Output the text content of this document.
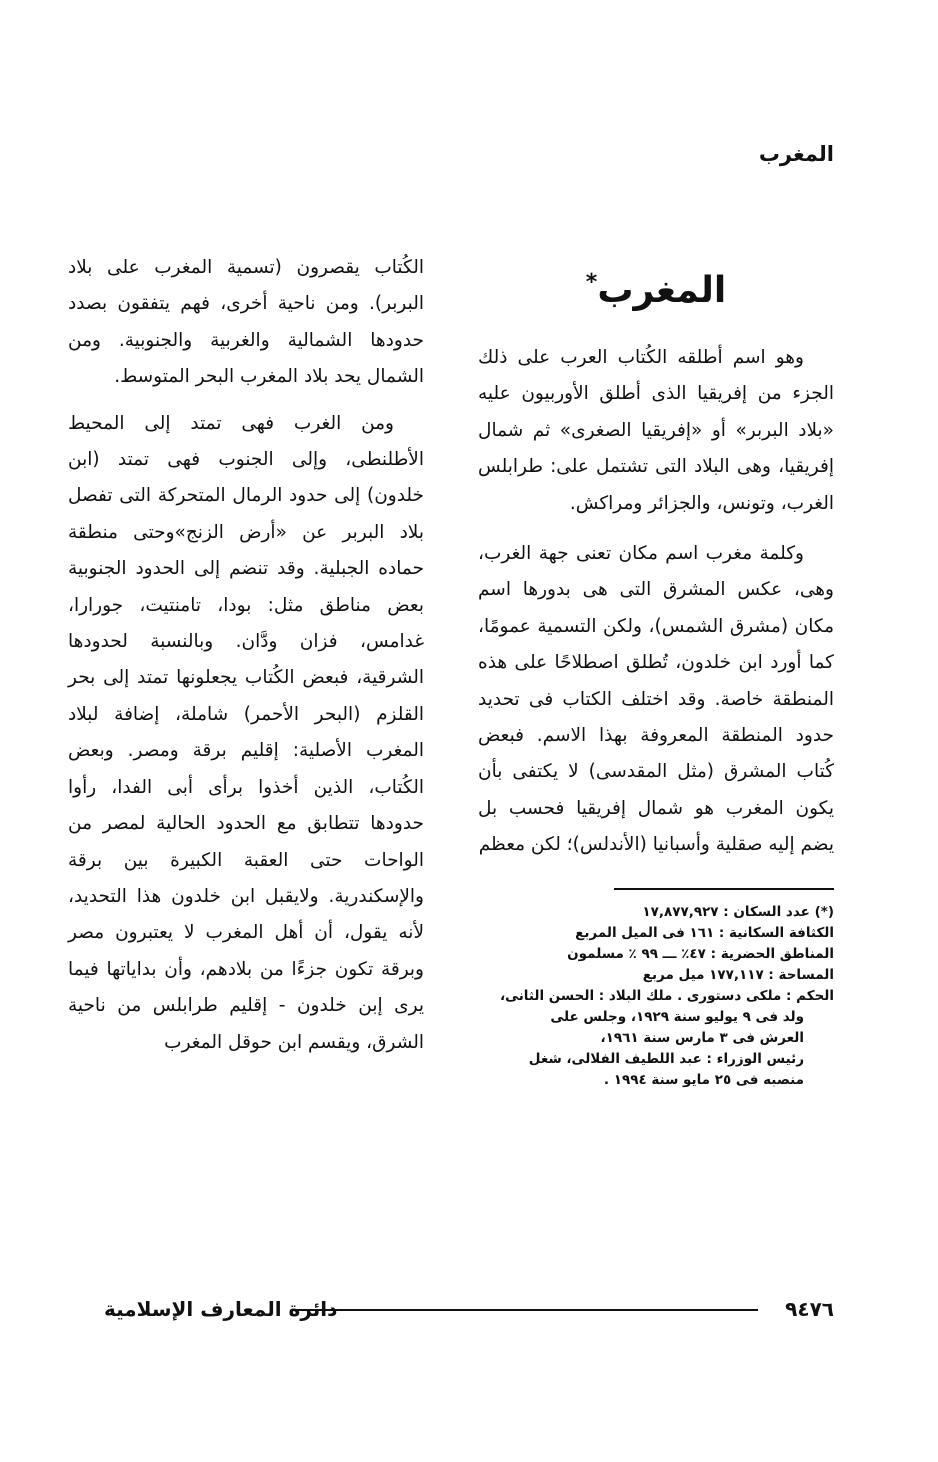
المغرب
المغرب*

وهو اسم أطلقه الكُتاب العرب على ذلك الجزء من إفريقيا الذى أطلق الأوربيون عليه «بلاد البربر» أو «إفريقيا الصغرى» ثم شمال إفريقيا، وهى البلاد التى تشتمل على: طرابلس الغرب، وتونس، والجزائر ومراكش.

وكلمة مغرب اسم مكان تعنى جهة الغرب، وهى، عكس المشرق التى هى بدورها اسم مكان (مشرق الشمس)، ولكن التسمية عمومًا، كما أورد ابن خلدون، تُطلق اصطلاحًا على هذه المنطقة خاصة. وقد اختلف الكتاب فى تحديد حدود المنطقة المعروفة بهذا الاسم. فبعض كُتاب المشرق (مثل المقدسى) لا يكتفى بأن يكون المغرب هو شمال إفريقيا فحسب بل يضم إليه صقلية وأسبانيا (الأندلس)؛ لكن معظم

(*) عدد السكان : ١٧,٨٧٧,٩٢٧
الكثافة السكانية : ١٦١ فى الميل المربع
المناطق الحضرية : ٤٧٪ ـــ ٩٩ ٪ مسلمون
المساحة : ١٧٧,١١٧ ميل مربع
الحكم : ملكى دستورى . ملك البلاد : الحسن الثانى،
ولد فى ٩ يوليو سنة ١٩٢٩، وجلس على
العرش فى ٣ مارس سنة ١٩٦١،
رئيس الوزراء : عبد اللطيف الفلالى، شغل
منصبه فى ٢٥ مايو سنة ١٩٩٤ .

الكُتاب يقصرون (تسمية المغرب على بلاد البربر). ومن ناحية أخرى، فهم يتفقون بصدد حدودها الشمالية والغربية والجنوبية. ومن الشمال يحد بلاد المغرب البحر المتوسط.

ومن الغرب فهى تمتد إلى المحيط الأطلنطى، وإلى الجنوب فهى تمتد (ابن خلدون) إلى حدود الرمال المتحركة التى تفصل بلاد البربر عن «أرض الزنج»وحتى منطقة حماده الجبلية. وقد تنضم إلى الحدود الجنوبية بعض مناطق مثل: بودا، تامنتيت، جورارا، غدامس، فزان ودَّان. وبالنسبة لحدودها الشرقية، فبعض الكُتاب يجعلونها تمتد إلى بحر القلزم (البحر الأحمر) شاملة، إضافة لبلاد المغرب الأصلية: إقليم برقة ومصر. وبعض الكُتاب، الذين أخذوا برأى أبى الفدا، رأوا حدودها تتطابق مع الحدود الحالية لمصر من الواحات حتى العقبة الكبيرة بين برقة والإسكندرية. ولايقبل ابن خلدون هذا التحديد، لأنه يقول، أن أهل المغرب لا يعتبرون مصر وبرقة تكون جزءًا من بلادهم، وأن بداياتها فيما يرى إبن خلدون - إقليم طرابلس من ناحية الشرق، ويقسم ابن حوقل المغرب

٩٤٧٦
دائرة المعارف الإسلامية
